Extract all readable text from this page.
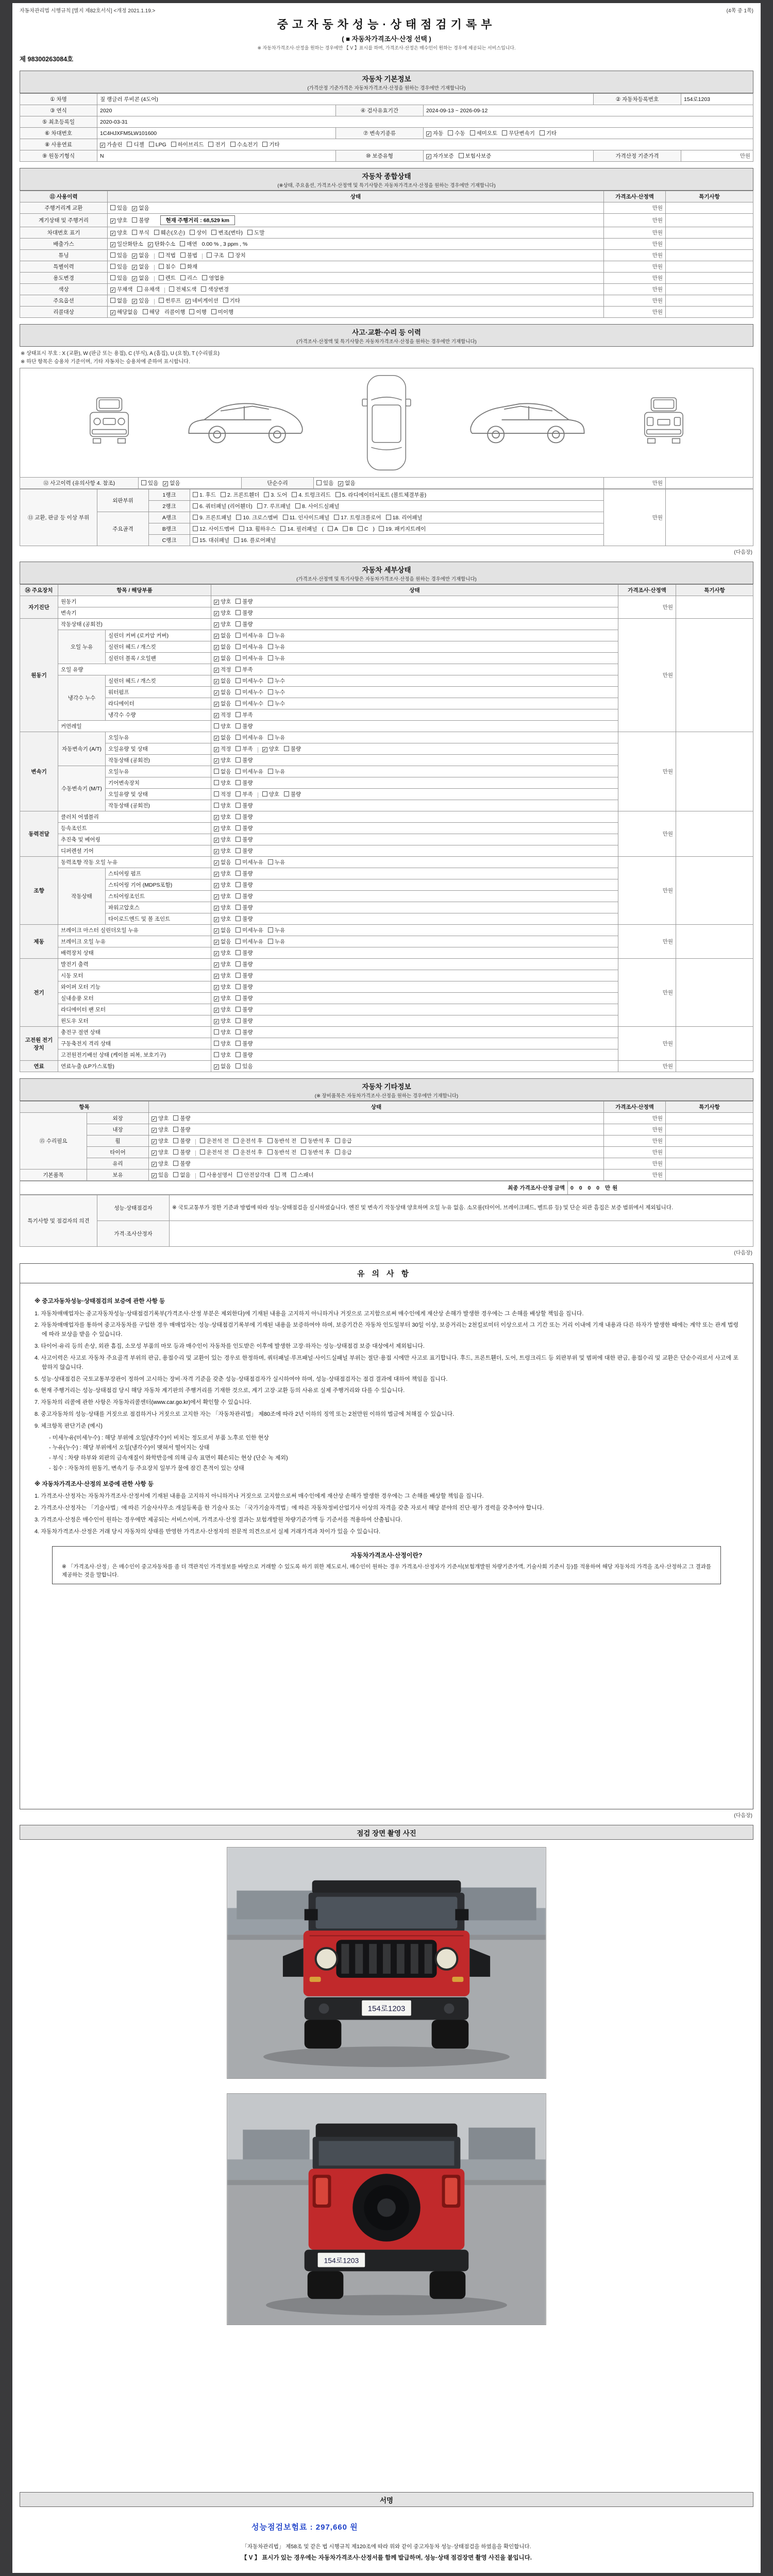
자동차관리법 시행규칙 [별지 제82호서식] <개정 2021.1.19.>	(4쪽 중 1쪽)
중고자동차성능·상태점검기록부
( ■ 자동차가격조사·산정 선택 )
※ 자동차가격조사·산정을 원하는 경우에만 【 V 】표시를 하며, 가격조사·산정은 매수인이 원하는 경우에 제공되는 서비스입니다.
제 98300263084호
자동차 기본정보
(가격산정 기준가격은 자동차가격조사·산정을 원하는 경우에만 기재합니다)
① 차명	짚 랭글러 루비콘 (4도어)			② 자동차등록번호	154로1203
③ 연식	2020	④ 검사유효기간	2024-09-13 ~ 2026-09-12		
⑤ 최초등록일	2020-03-31				
⑥ 차대번호	1C4HJXFM5LW101600	⑦ 변속기종류	✓ 자동 수동 세미오토 무단변속기 기타		
⑧ 사용연료	✓ 가솔린 디젤 LPG 하이브리드 전기 수소전기 기타				
⑨ 원동기형식	N	⑩ 보증유형	✓ 자가보증 보험사보증	가격산정 기준가격	만원
자동차 종합상태
(※상태, 주요옵션, 가격조사·산정액 및 특기사항은 자동차가격조사·산정을 원하는 경우에만 기재합니다)
⑪ 사용이력	상태	가격조사·산정액	특기사항
주행거리계 교환	있음 ✓ 없음	만원	
계기상태 및 주행거리	✓ 양호 불량 현재 주행거리 : 68,529 km	만원	
차대번호 표기	✓ 양호 부식 훼손(오손) 상이 변조(변타) 도말	만원	
배출가스	✓ 일산화탄소 ✓ 탄화수소 매연 0.00 % , 3 ppm , %	만원	
튜닝	있음 ✓ 없음 적법 불법 구조 장치	만원	
특별이력	있음 ✓ 없음 침수 화재	만원	
용도변경	있음 ✓ 없음 렌트 리스 영업용	만원	
색상	✓ 무채색 유채색 전체도색 색상변경	만원	
주요옵션	없음 ✓ 있음 썬루프 ✓ 네비게이션 기타	만원	
리콜대상	✓ 해당없음 해당 리콜이행 이행 미이행	만원	
사고·교환·수리 등 이력
(가격조사·산정액 및 특기사항은 자동차가격조사·산정을 원하는 경우에만 기재합니다)
※ 상태표시 부호 : X (교환), W (판금 또는 용접), C (부식), A (흠집), U (요철), T (수리필요)
※ 하단 항목은 승용차 기준이며, 기타 자동차는 승용차에 준하여 표시합니다.
⑫ 사고이력 (유의사항 4. 참조)	있음 ✓ 없음	단순수리	있음 ✓ 없음	만원	
⑬ 교환, 판금 등 이상 부위	외판부위	1랭크	1. 후드 2. 프론트휀더 3. 도어 4. 트렁크리드 5. 라디에이터서포트 (볼트체결부품)	만원	
		2랭크	6. 쿼터패널 (리어휀더) 7. 루프패널 8. 사이드실패널		
	주요골격	A랭크	9. 프론트패널 10. 크로스멤버 11. 인사이드패널 17. 트렁크플로어 18. 리어패널		
		B랭크	12. 사이드멤버 13. 휠하우스 14. 필러패널 ( A B C ) 19. 패키지트레이		
		C랭크	15. 대쉬패널 16. 플로어패널		
(다음장)
자동차 세부상태
(가격조사·산정액 및 특기사항은 자동차가격조사·산정을 원하는 경우에만 기재합니다)
⑭ 주요장치	항목 / 해당부품		상태	가격조사·산정액	특기사항
자기진단	원동기		✓ 양호 불량	만원	
	변속기		✓ 양호 불량		
원동기	작동상태 (공회전)		✓ 양호 불량	만원	
	오일 누유	실린더 커버 (로커암 커버)	✓ 없음 미세누유 누유		
		실린더 헤드 / 개스킷	✓ 없음 미세누유 누유		
		실린더 블록 / 오일팬	✓ 없음 미세누유 누유		
	오일 유량		✓ 적정 부족		
	냉각수 누수	실린더 헤드 / 개스킷	✓ 없음 미세누수 누수		
		워터펌프	✓ 없음 미세누수 누수		
		라디에이터	✓ 없음 미세누수 누수		
		냉각수 수량	✓ 적정 부족		
	커먼레일		양호 불량		
변속기	자동변속기 (A/T)	오일누유	✓ 없음 미세누유 누유	만원	
		오일유량 및 상태	✓ 적정 부족 ✓ 양호 불량		
		작동상태 (공회전)	✓ 양호 불량		
	수동변속기 (M/T)	오일누유	없음 미세누유 누유		
		기어변속장치	양호 불량		
		오일유량 및 상태	적정 부족 양호 불량		
		작동상태 (공회전)	양호 불량		
동력전달	클러치 어셈블리		✓ 양호 불량	만원	
	등속조인트		✓ 양호 불량		
	추진축 및 베어링		✓ 양호 불량		
	디퍼렌셜 기어		✓ 양호 불량		
조향	동력조향 작동 오일 누유		✓ 없음 미세누유 누유	만원	
	작동상태	스티어링 펌프	✓ 양호 불량		
		스티어링 기어 (MDPS포함)	✓ 양호 불량		
		스티어링조인트	✓ 양호 불량		
		파워고압호스	✓ 양호 불량		
		타이로드엔드 및 볼 조인트	✓ 양호 불량		
제동	브레이크 마스터 실린더오일 누유		✓ 없음 미세누유 누유	만원	
	브레이크 오일 누유		✓ 없음 미세누유 누유		
	배력장치 상태		✓ 양호 불량		
전기	발전기 출력		✓ 양호 불량	만원	
	시동 모터		✓ 양호 불량		
	와이퍼 모터 기능		✓ 양호 불량		
	실내송풍 모터		✓ 양호 불량		
	라디에이터 팬 모터		✓ 양호 불량		
	윈도우 모터		✓ 양호 불량		
고전원 전기장치	충전구 절연 상태		양호 불량	만원	
	구동축전지 격리 상태		양호 불량		
	고전원전기배선 상태 (케이블 피복, 보호기구)		양호 불량		
연료	연료누출 (LP가스포함)		✓ 없음 있음	만원	
자동차 기타정보
(※ 장비품목은 자동차가격조사·산정을 원하는 경우에만 기재합니다)
항목		상태	가격조사·산정액	특기사항
⑮ 수리필요	외장	✓ 양호 불량	만원	
	내장	✓ 양호 불량	만원	
	휠	✓ 양호 불량 운전석 전 운전석 후 동반석 전 동반석 후 응급	만원	
	타이어	✓ 양호 불량 운전석 전 운전석 후 동반석 전 동반석 후 응급	만원	
	유리	✓ 양호 불량	만원	
기본품목	보유	✓ 있음 없음 사용설명서 안전삼각대 잭 스패너	만원	
최종 가격조사·산정 금액	0 0 0 0 만원
특기사항 및 점검자의 의견	성능·상태점검자	※ 국토교통부가 정한 기준과 방법에 따라 성능·상태점검을 실시하였습니다. 엔진 및 변속기 작동상태 양호하며 오일 누유 없음. 소모품(타이어, 브레이크패드, 벨트류 등) 및 단순 외관 흠집은 보증 범위에서 제외됩니다.
	가격·조사산정자	
(다음장)
유의사항
※ 중고자동차성능·상태점검의 보증에 관한 사항 등
1. 자동차매매업자는 중고자동차성능·상태점검기록부(가격조사·산정 부분은 제외한다)에 기재된 내용을 고지하지 아니하거나 거짓으로 고지함으로써 매수인에게 재산상 손해가 발생한 경우에는 그 손해를 배상할 책임을 집니다.
2. 자동차매매업자를 통하여 중고자동차를 구입한 경우 매매업자는 성능·상태점검기록부에 기재된 내용을 보증하여야 하며, 보증기간은 자동차 인도일부터 30일 이상, 보증거리는 2천킬로미터 이상으로서 그 기간 또는 거리 이내에 기재 내용과 다른 하자가 발생한 때에는 계약 또는 관계 법령에 따라 보상을 받을 수 있습니다.
3. 타이어·유리 등의 손상, 외관 흠집, 소모성 부품의 마모 등과 매수인이 자동차를 인도받은 이후에 발생한 고장·하자는 성능·상태점검 보증 대상에서 제외됩니다.
4. 사고이력은 사고로 자동차 주요골격 부위의 판금, 용접수리 및 교환이 있는 경우로 한정하며, 쿼터패널·루프패널·사이드실패널 부위는 절단·용접 시에만 사고로 표기합니다. 후드, 프론트휀더, 도어, 트렁크리드 등 외판부위 및 범퍼에 대한 판금, 용접수리 및 교환은 단순수리로서 사고에 포함하지 않습니다.
5. 성능·상태점검은 국토교통부장관이 정하여 고시하는 장비·자격 기준을 갖춘 성능·상태점검자가 실시하여야 하며, 성능·상태점검자는 점검 결과에 대하여 책임을 집니다.
6. 현재 주행거리는 성능·상태점검 당시 해당 자동차 계기판의 주행거리를 기재한 것으로, 계기 고장·교환 등의 사유로 실제 주행거리와 다를 수 있습니다.
7. 자동차의 리콜에 관한 사항은 자동차리콜센터(www.car.go.kr)에서 확인할 수 있습니다.
8. 중고자동차의 성능·상태를 거짓으로 점검하거나 거짓으로 고지한 자는 「자동차관리법」 제80조에 따라 2년 이하의 징역 또는 2천만원 이하의 벌금에 처해질 수 있습니다.
9. 체크항목 판단기준 (예시)
- 미세누유(미세누수) : 해당 부위에 오일(냉각수)이 비치는 정도로서 부품 노후로 인한 현상
- 누유(누수) : 해당 부위에서 오일(냉각수)이 맺혀서 떨어지는 상태
- 부식 : 차량 하부와 외판의 금속재질이 화학반응에 의해 금속 표면이 훼손되는 현상 (단순 녹 제외)
- 침수 : 자동차의 원동기, 변속기 등 주요장치 일부가 물에 잠긴 흔적이 있는 상태
※ 자동차가격조사·산정의 보증에 관한 사항 등
1. 가격조사·산정자는 자동차가격조사·산정서에 기재된 내용을 고지하지 아니하거나 거짓으로 고지함으로써 매수인에게 재산상 손해가 발생한 경우에는 그 손해를 배상할 책임을 집니다.
2. 가격조사·산정자는 「기술사법」에 따른 기술사사무소 개설등록을 한 기술사 또는 「국가기술자격법」에 따른 자동차정비산업기사 이상의 자격을 갖춘 자로서 해당 분야의 진단·평가 경력을 갖추어야 합니다.
3. 가격조사·산정은 매수인이 원하는 경우에만 제공되는 서비스이며, 가격조사·산정 결과는 보험개발원 차량기준가액 등 기준서를 적용하여 산출됩니다.
4. 자동차가격조사·산정은 거래 당시 자동차의 상태를 반영한 가격조사·산정자의 전문적 의견으로서 실제 거래가격과 차이가 있을 수 있습니다.
자동차가격조사·산정이란?
※ 「가격조사·산정」은 매수인이 중고자동차를 좀 더 객관적인 가격정보를 바탕으로 거래할 수 있도록 하기 위한 제도로서, 매수인이 원하는 경우 가격조사·산정자가 기준서(보험개발원 차량기준가액, 기술사회 기준서 등)를 적용하여 해당 자동차의 가격을 조사·산정하고 그 결과를 제공하는 것을 말합니다.
(다음장)
점검 장면 촬영 사진
154로1203
154로1203
서명
성능점검보험료 : 297,660 원
「자동차관리법」 제58조 및 같은 법 시행규칙 제120조에 따라 위와 같이 중고자동차 성능·상태점검을 하였음을 확인합니다.
【 V 】 표시가 있는 경우에는 자동차가격조사·산정서를 함께 발급하며, 성능·상태 점검장면 촬영 사진을 붙입니다.
